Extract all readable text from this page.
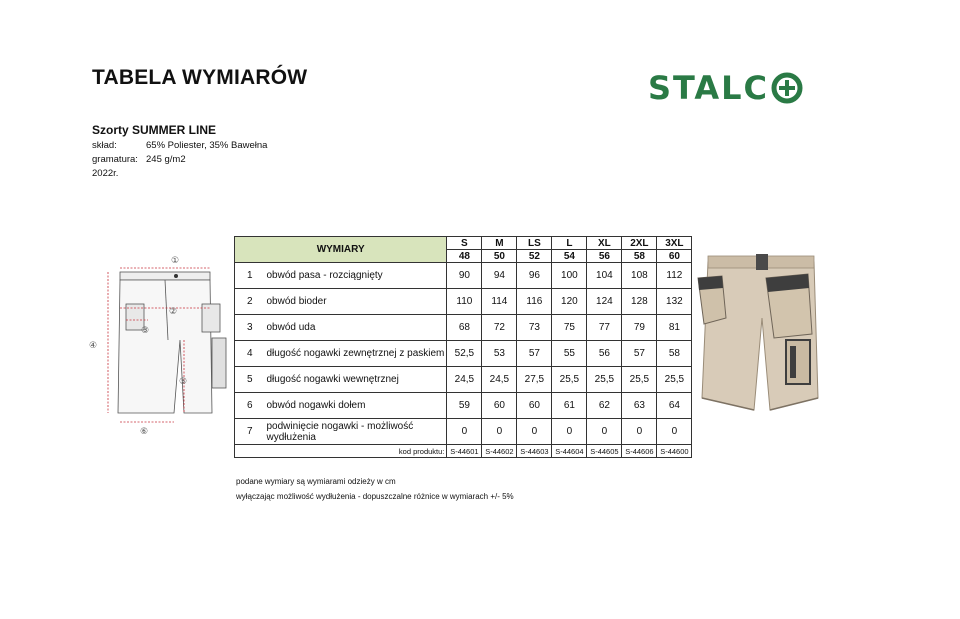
TABELA WYMIARÓW	STALC
Szorty SUMMER LINE
skład:	65% Poliester, 35% Bawełna
gramatura: 245 g/m2
2022r.
①
②
③
④
⑤
⑥
WYMIARY		S	M	LS	L	XL	2XL	3XL
		48	50	52	54	56	58	60
1	obwód pasa - rozciągnięty	90	94	96	100	104	108	112
2	obwód bioder	110	114	116	120	124	128	132
3	obwód uda	68	72	73	75	77	79	81
4	długość nogawki zewnętrznej z paskiem	52,5	53	57	55	56	57	58
5	długość nogawki wewnętrznej	24,5	24,5	27,5	25,5	25,5	25,5	25,5
6	obwód nogawki dołem	59	60	60	61	62	63	64
7	podwinięcie nogawki - możliwość wydłużenia	0	0	0	0	0	0	0
kod produktu:		S-44601	S-44602	S-44603	S-44604	S-44605	S-44606	S-44600
podane wymiary są wymiarami odzieży w cm
wyłączając możliwość wydłużenia - dopuszczalne różnice w wymiarach +/- 5%
